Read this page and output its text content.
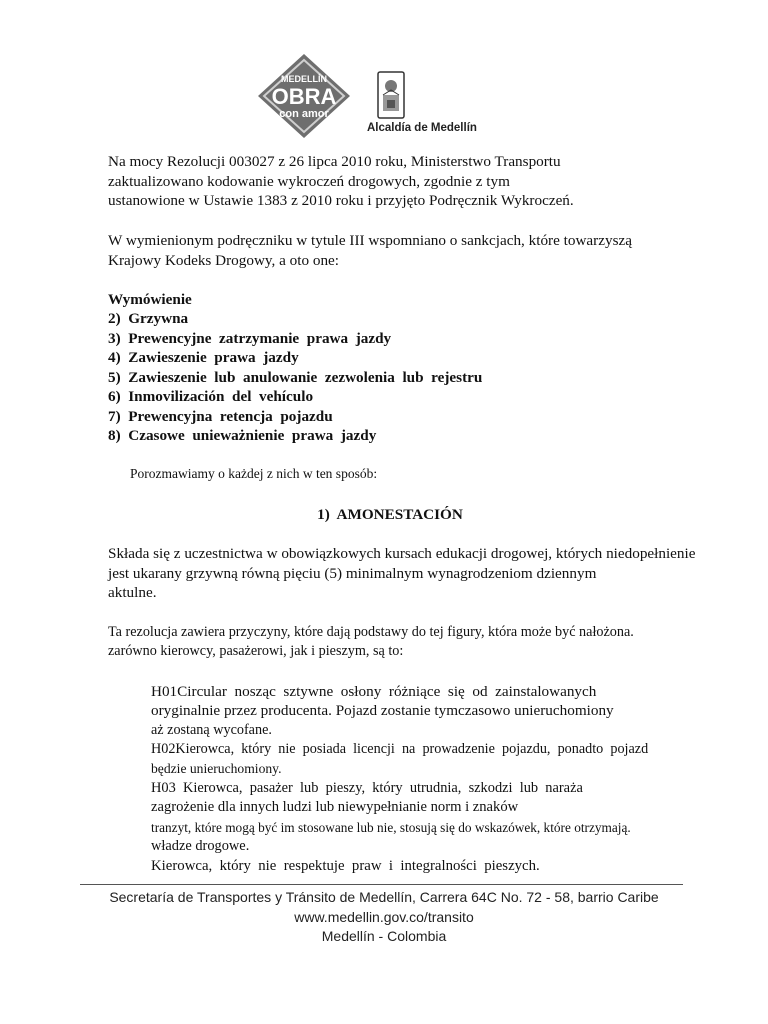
MEDELLÍN
OBRA
con amor
Alcaldía de Medellín
Na mocy Rezolucji 003027 z 26 lipca 2010 roku, Ministerstwo Transportu
zaktualizowano kodowanie wykroczeń drogowych, zgodnie z tym
ustanowione w Ustawie 1383 z 2010 roku i przyjęto Podręcznik Wykroczeń.
W wymienionym podręczniku w tytule III wspomniano o sankcjach, które towarzyszą
Krajowy Kodeks Drogowy, a oto one:
Wymówienie
2)  Grzywna
3)  Prewencyjne  zatrzymanie  prawa  jazdy
4)  Zawieszenie  prawa  jazdy
5)  Zawieszenie  lub  anulowanie  zezwolenia  lub  rejestru
6)  Inmovilización  del  vehículo
7)  Prewencyjna  retencja  pojazdu
8)  Czasowe  unieważnienie  prawa  jazdy
Porozmawiamy o każdej z nich w ten sposób:
1)  AMONESTACIÓN
Składa się z uczestnictwa w obowiązkowych kursach edukacji drogowej, których niedopełnienie
jest ukarany grzywną równą pięciu (5) minimalnym wynagrodzeniom dziennym
aktulne.
Ta rezolucja zawiera przyczyny, które dają podstawy do tej figury, która może być nałożona.
zarówno kierowcy, pasażerowi, jak i pieszym, są to:
H01Circular  nosząc  sztywne  osłony  różniące  się  od  zainstalowanych
oryginalnie przez producenta. Pojazd zostanie tymczasowo unieruchomiony
aż zostaną wycofane.
H02Kierowca,  który  nie  posiada  licencji  na  prowadzenie  pojazdu,  ponadto  pojazd
będzie unieruchomiony.
H03  Kierowca,  pasażer  lub  pieszy,  który  utrudnia,  szkodzi  lub  naraża
zagrożenie dla innych ludzi lub niewypełnianie norm i znaków
tranzyt, które mogą być im stosowane lub nie, stosują się do wskazówek, które otrzymają.
władze drogowe.
Kierowca,  który  nie  respektuje  praw  i  integralności  pieszych.
Secretaría de Transportes y Tránsito de Medellín, Carrera 64C No. 72 - 58, barrio Caribe
www.medellin.gov.co/transito
Medellín - Colombia
